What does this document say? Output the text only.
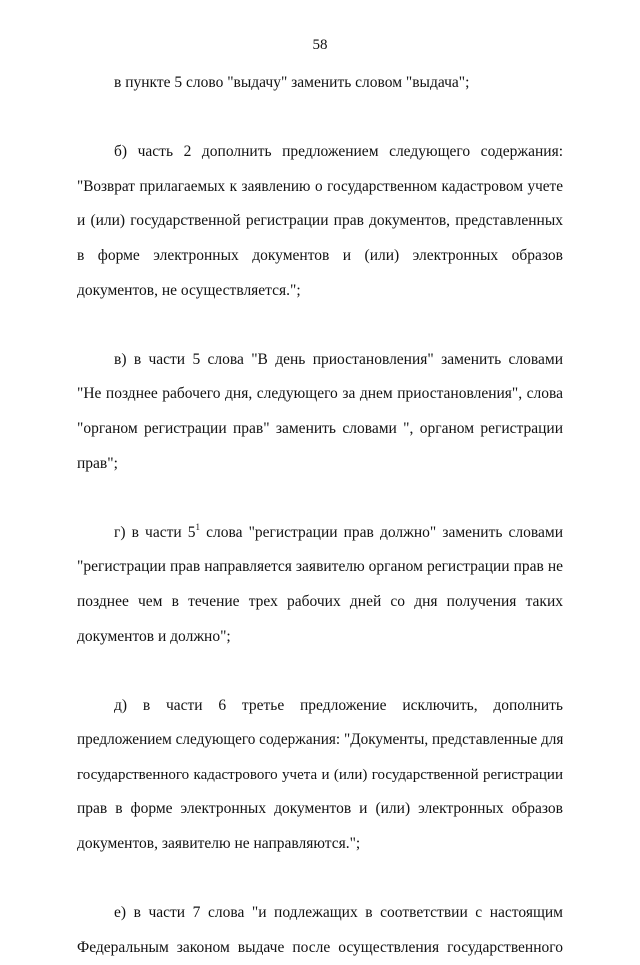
58
в пункте 5 слово "выдачу" заменить словом "выдача";
б) часть 2 дополнить предложением следующего содержания:
"Возврат прилагаемых к заявлению о государственном кадастровом учете
и (или) государственной регистрации прав документов, представленных
в форме электронных документов и (или) электронных образов
документов, не осуществляется.";
в) в части 5 слова "В день приостановления" заменить словами
"Не позднее рабочего дня, следующего за днем приостановления", слова
"органом регистрации прав" заменить словами ", органом регистрации
прав";
г) в части $5^1$ слова "регистрации прав должно" заменить словами
"регистрации прав направляется заявителю органом регистрации прав не
позднее чем в течение трех рабочих дней со дня получения таких
документов и должно";
д) в части 6 третье предложение исключить, дополнить
предложением следующего содержания: "Документы, представленные для
государственного кадастрового учета и (или) государственной регистрации
прав в форме электронных документов и (или) электронных образов
документов, заявителю не направляются.";
е) в части 7 слова "и подлежащих в соответствии с настоящим
Федеральным законом выдаче после осуществления государственного
